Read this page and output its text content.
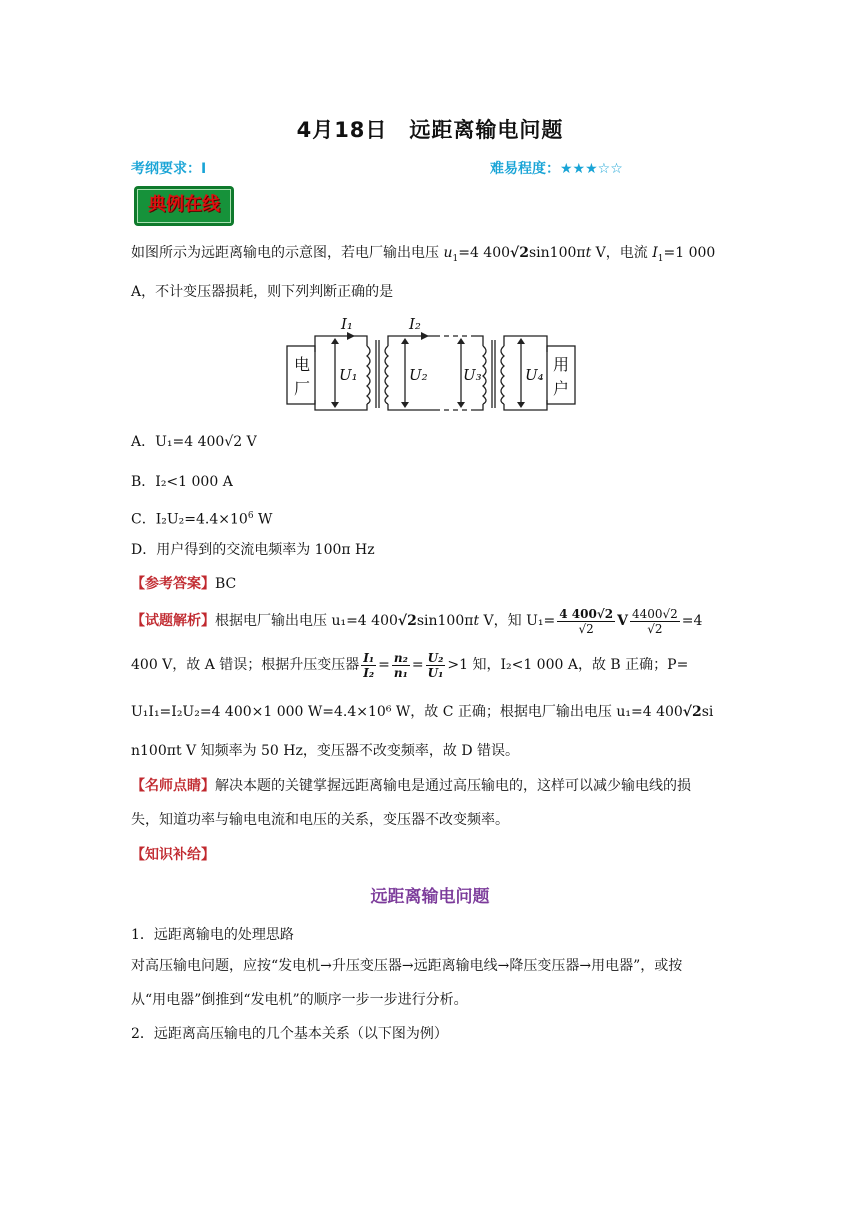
4月18日　远距离输电问题
考纲要求：Ⅰ	难易程度：★★★☆☆
典例在线
如图所示为远距离输电的示意图，若电厂输出电压 $u_1=4$ 400√2sin100πt V，电流 $I_1=1$ 000
A，不计变压器损耗，则下列判断正确的是
电
厂
用
户
I₁	I₂
U₁	U₂ U₃	U₄
A．U₁=4 400√2 V
B．I₂<1 000 A
C．$I_2U_2=4.4\times 10^6$ W
D．用户得到的交流电频率为 100π Hz
【参考答案】BC
【试题解析】根据电厂输出电压 u₁=4 400√2sin100πt V，知 $U_1= \frac{4 400√2}{√2}$ V $\frac{4400√2}{√2} =4$
400 V，故 A 错误；根据升压变压器 $\frac{\text{I₁}}{\text{I₂}} = \frac{\text{n₂}}{\text{n₁}} = \frac{\text{U₂}}{\text{U₁}} >1$ 知，I₂<1 000 A，故 B 正确；P=
U₁I₁=I₂U₂=4 400×1 000 W=4.4×10⁶ W，故 C 正确；根据电厂输出电压 u₁=4 400√2si
n100πt V 知频率为 50 Hz，变压器不改变频率，故 D 错误。
【名师点睛】解决本题的关键掌握远距离输电是通过高压输电的，这样可以减少输电线的损
失，知道功率与输电电流和电压的关系，变压器不改变频率。
【知识补给】
远距离输电问题
1．远距离输电的处理思路
对高压输电问题，应按“发电机→升压变压器→远距离输电线→降压变压器→用电器”，或按
从“用电器”倒推到“发电机”的顺序一步一步进行分析。
2．远距离高压输电的几个基本关系（以下图为例）
